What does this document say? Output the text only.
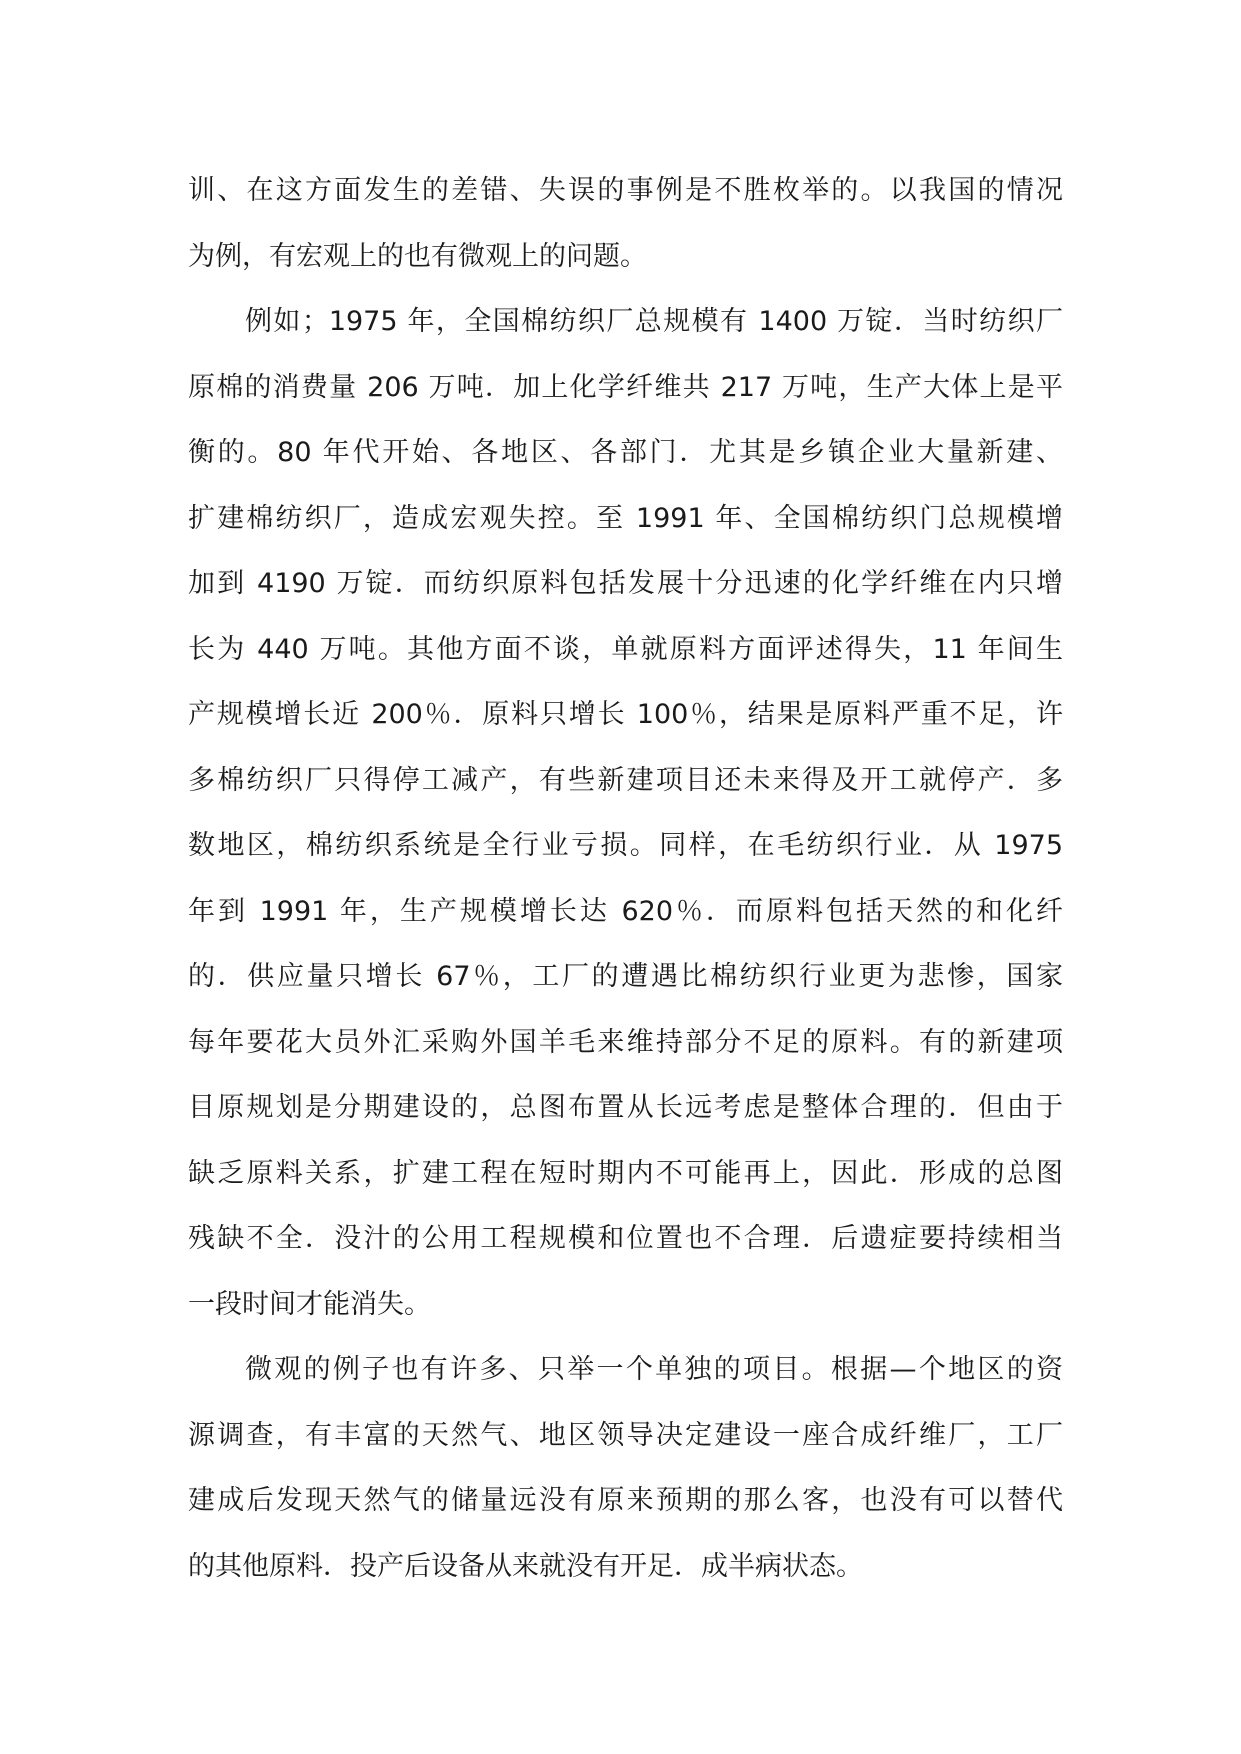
训、在这方面发生的差错、失误的事例是不胜枚举的。以我国的情况
为例，有宏观上的也有微观上的问题。
例如；1975 年，全国棉纺织厂总规模有 1400 万锭．当时纺织厂
原棉的消费量 206 万吨．加上化学纤维共 217 万吨，生产大体上是平
衡的。80 年代开始、各地区、各部门．尤其是乡镇企业大量新建、
扩建棉纺织厂，造成宏观失控。至 1991 年、全国棉纺织门总规模增
加到 4190 万锭．而纺织原料包括发展十分迅速的化学纤维在内只增
长为 440 万吨。其他方面不谈，单就原料方面评述得失，11 年间生
产规模增长近 200％．原料只增长 100％，结果是原料严重不足，许
多棉纺织厂只得停工减产，有些新建项目还未来得及开工就停产．多
数地区，棉纺织系统是全行业亏损。同样，在毛纺织行业．从 1975
年到 1991 年，生产规模增长达 620％．而原料包括天然的和化纤
的．供应量只增长 67％，工厂的遭遇比棉纺织行业更为悲惨，国家
每年要花大员外汇采购外国羊毛来维持部分不足的原料。有的新建项
目原规划是分期建设的，总图布置从长远考虑是整体合理的．但由于
缺乏原料关系，扩建工程在短时期内不可能再上，因此．形成的总图
残缺不全．没汁的公用工程规模和位置也不合理．后遗症要持续相当
一段时间才能消失。
微观的例子也有许多、只举一个单独的项目。根据—个地区的资
源调查，有丰富的天然气、地区领导决定建设一座合成纤维厂，工厂
建成后发现天然气的储量远没有原来预期的那么客，也没有可以替代
的其他原料．投产后设备从来就没有开足．成半病状态。
